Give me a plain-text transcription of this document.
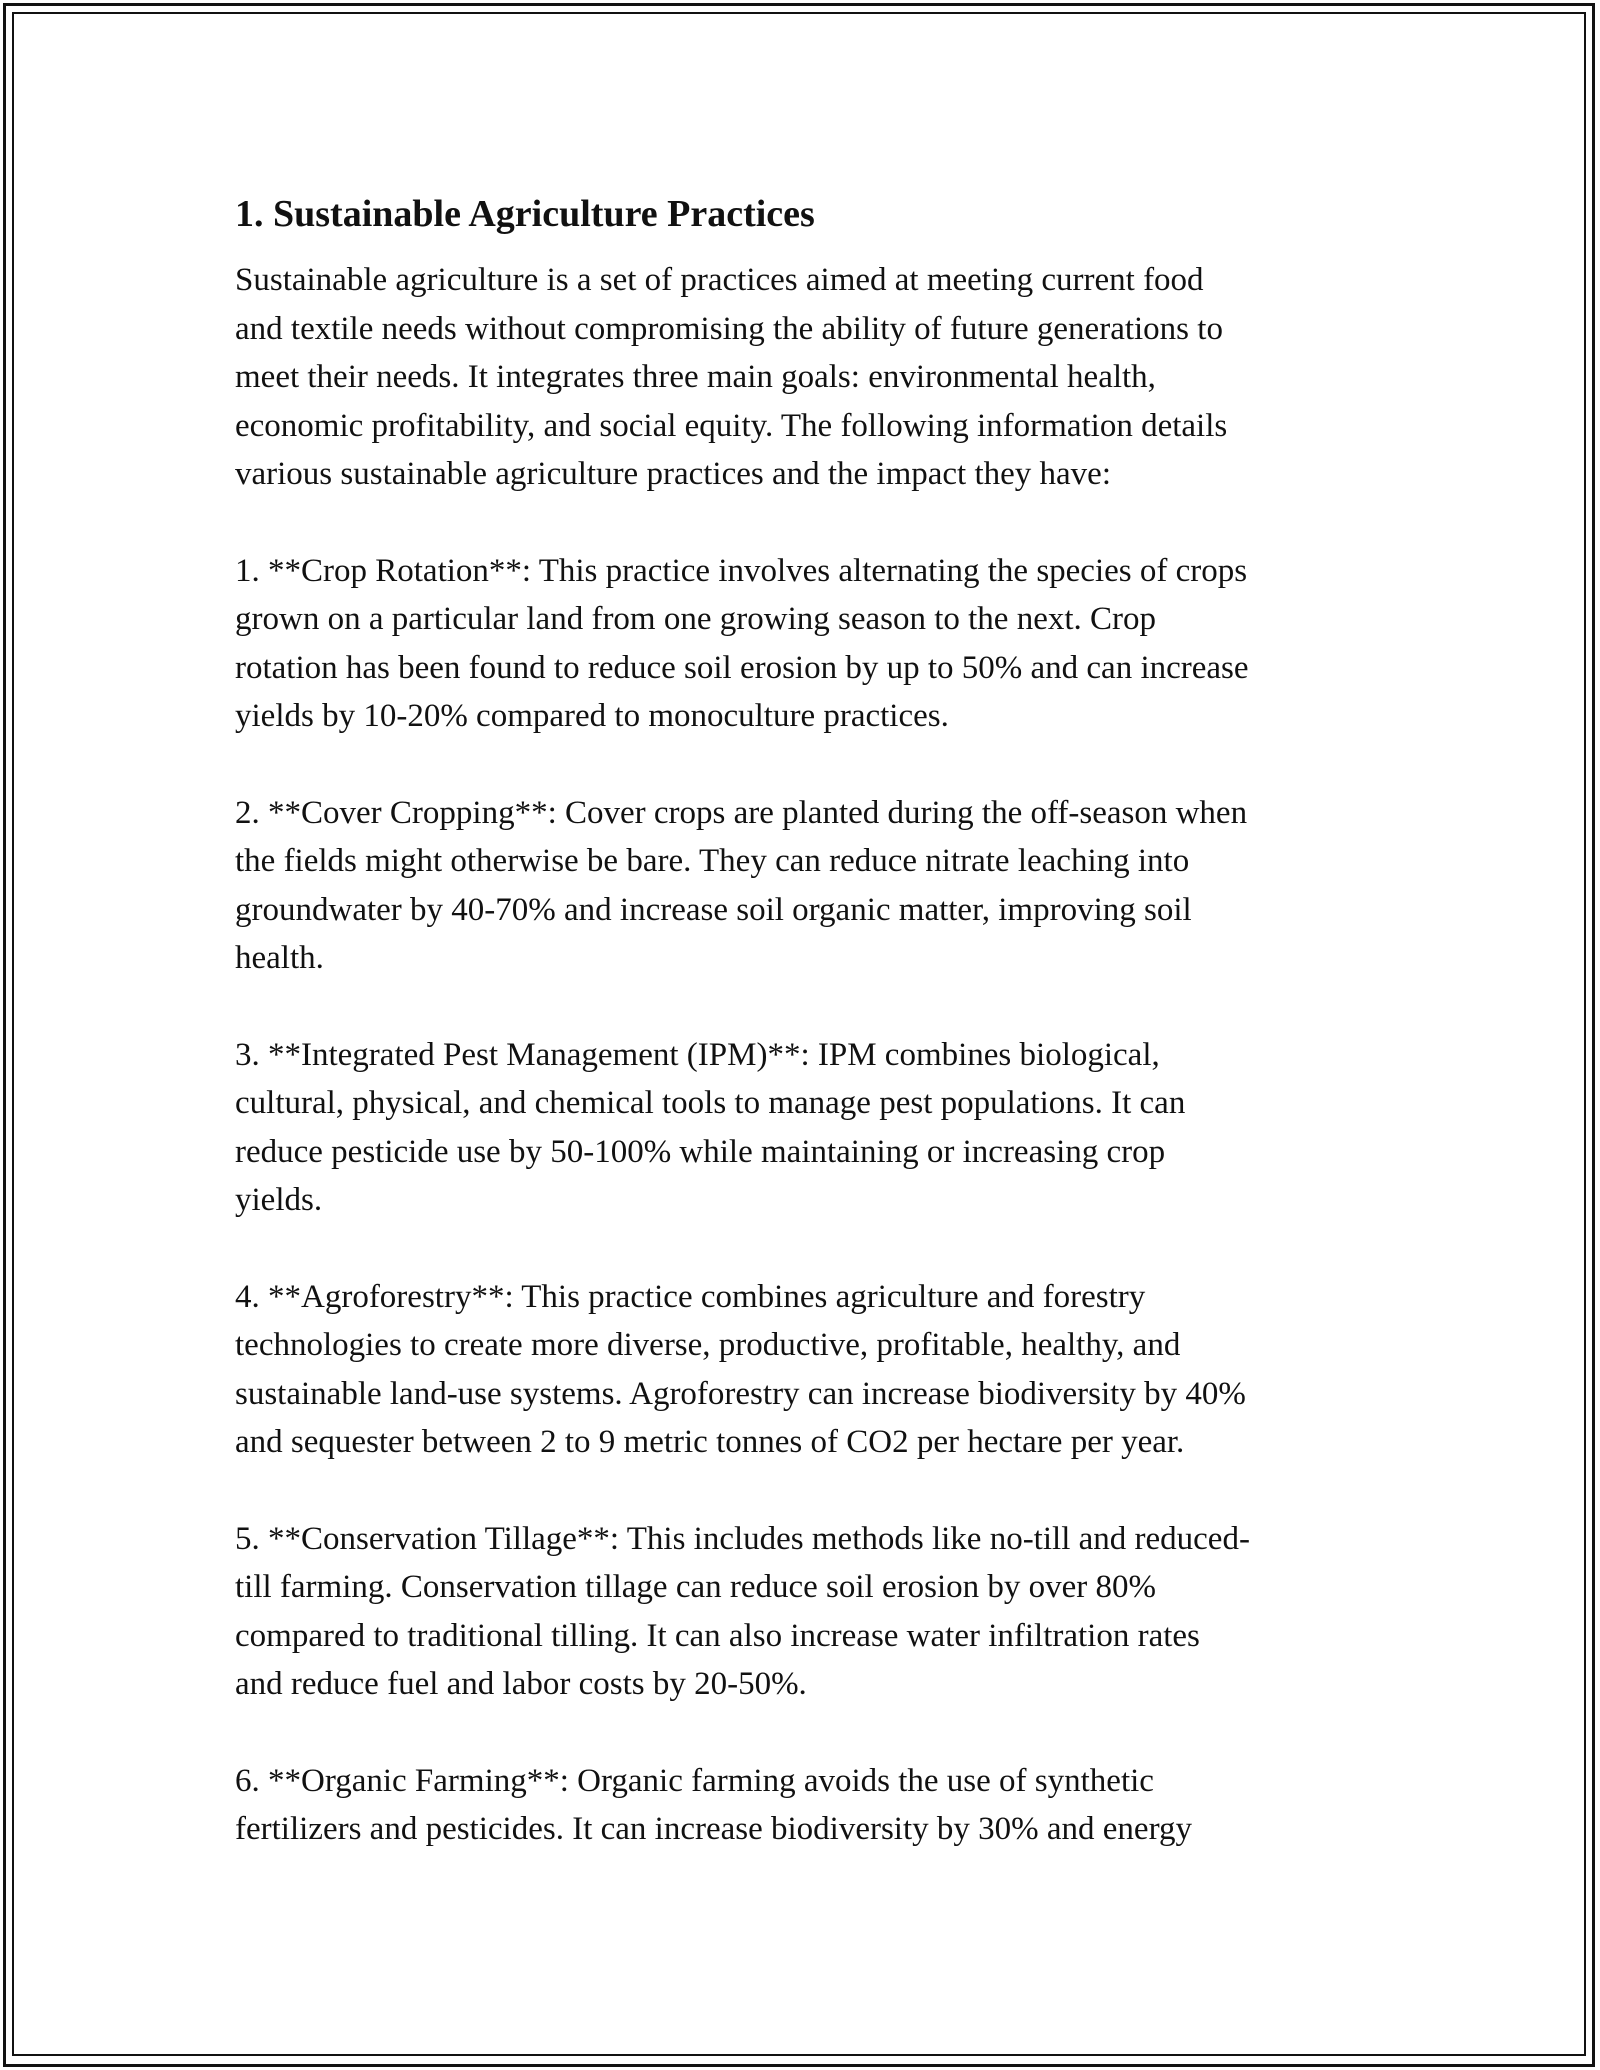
1. Sustainable Agriculture Practices

Sustainable agriculture is a set of practices aimed at meeting current food
and textile needs without compromising the ability of future generations to
meet their needs. It integrates three main goals: environmental health,
economic profitability, and social equity. The following information details
various sustainable agriculture practices and the impact they have:

1. **Crop Rotation**: This practice involves alternating the species of crops
grown on a particular land from one growing season to the next. Crop
rotation has been found to reduce soil erosion by up to 50% and can increase
yields by 10-20% compared to monoculture practices.

2. **Cover Cropping**: Cover crops are planted during the off-season when
the fields might otherwise be bare. They can reduce nitrate leaching into
groundwater by 40-70% and increase soil organic matter, improving soil
health.

3. **Integrated Pest Management (IPM)**: IPM combines biological,
cultural, physical, and chemical tools to manage pest populations. It can
reduce pesticide use by 50-100% while maintaining or increasing crop
yields.

4. **Agroforestry**: This practice combines agriculture and forestry
technologies to create more diverse, productive, profitable, healthy, and
sustainable land-use systems. Agroforestry can increase biodiversity by 40%
and sequester between 2 to 9 metric tonnes of CO2 per hectare per year.

5. **Conservation Tillage**: This includes methods like no-till and reduced-
till farming. Conservation tillage can reduce soil erosion by over 80%
compared to traditional tilling. It can also increase water infiltration rates
and reduce fuel and labor costs by 20-50%.

6. **Organic Farming**: Organic farming avoids the use of synthetic
fertilizers and pesticides. It can increase biodiversity by 30% and energy
